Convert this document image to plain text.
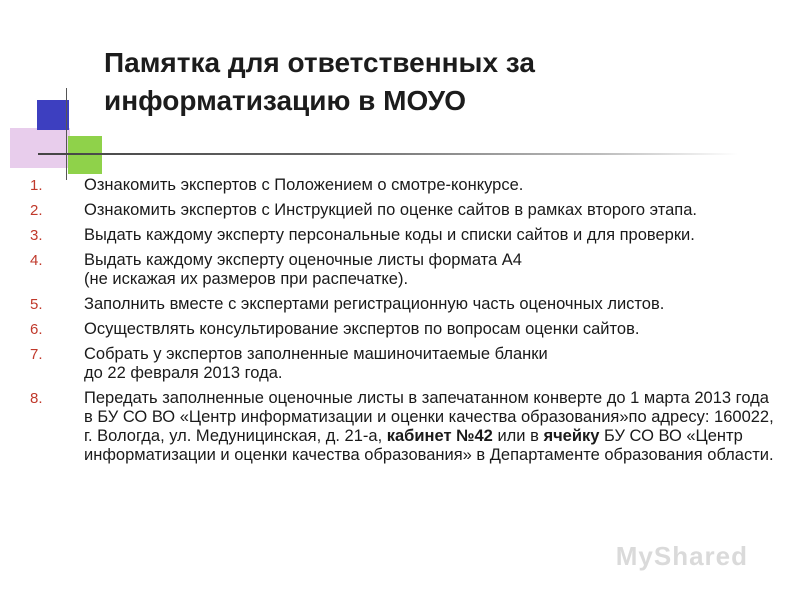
Памятка для ответственных за
информатизацию в МОУО
1.	Ознакомить экспертов с Положением о смотре-конкурсе.
2.	Ознакомить экспертов с Инструкцией по оценке сайтов в рамках второго этапа.
3.	Выдать каждому эксперту персональные коды и списки сайтов и для проверки.
4.	Выдать каждому эксперту оценочные листы формата А4
(не искажая их размеров при распечатке).
5.	Заполнить вместе с экспертами регистрационную часть оценочных листов.
6.	Осуществлять консультирование экспертов по вопросам оценки сайтов.
7.	Собрать у экспертов заполненные машиночитаемые бланки
до 22 февраля 2013 года.
8.	Передать заполненные оценочные листы в запечатанном конверте до 1 марта 2013 года в БУ СО ВО «Центр информатизации и оценки качества образования»по адресу: 160022, г. Вологда, ул. Медуницинская, д. 21-а, кабинет №42 или в ячейку БУ СО ВО «Центр информатизации и оценки качества образования» в Департаменте образования области.
MyShared
